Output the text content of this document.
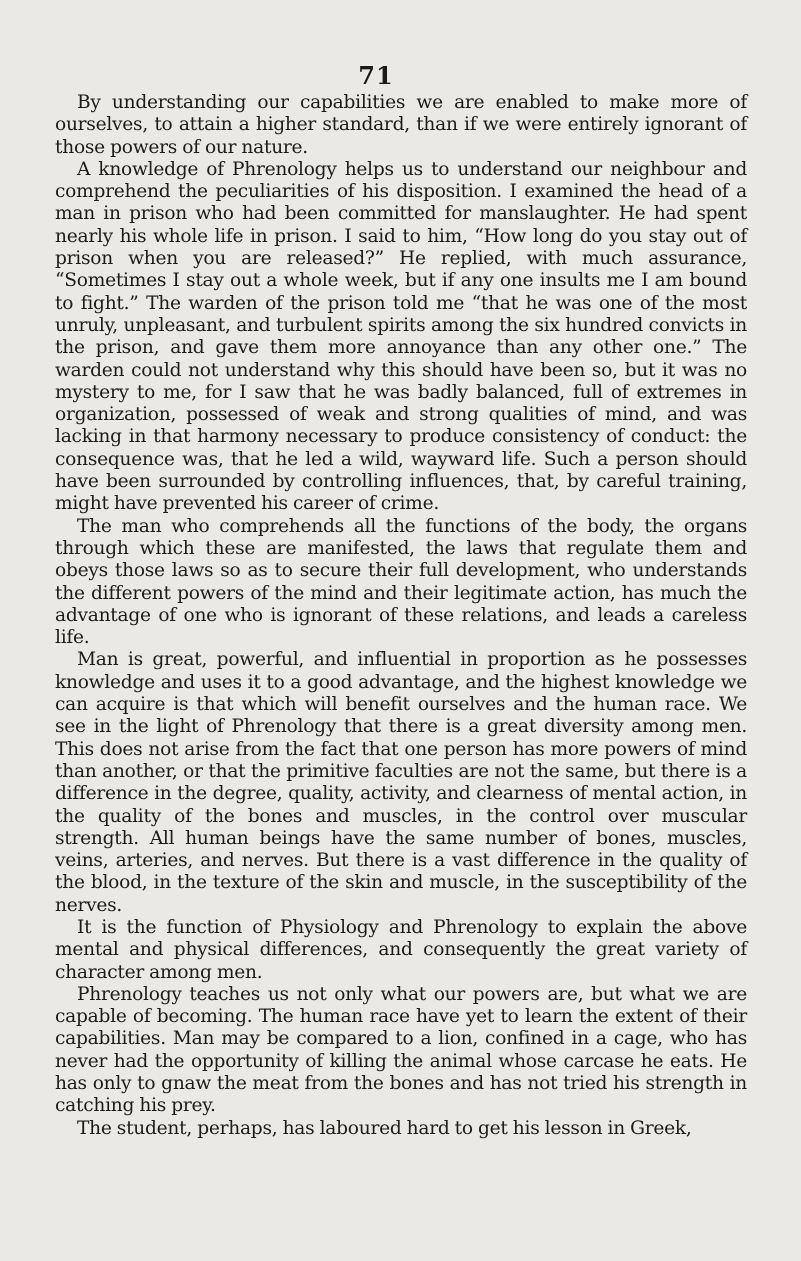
71

By understanding our capabilities we are enabled to make more of ourselves, to attain a higher standard, than if we were entirely ignorant of those powers of our nature.

A knowledge of Phrenology helps us to understand our neighbour and comprehend the peculiarities of his disposition. I examined the head of a man in prison who had been committed for manslaughter. He had spent nearly his whole life in prison. I said to him, “How long do you stay out of prison when you are released?” He replied, with much assurance, “Sometimes I stay out a whole week, but if any one insults me I am bound to fight.” The warden of the prison told me “that he was one of the most unruly, unpleasant, and turbulent spirits among the six hundred convicts in the prison, and gave them more annoyance than any other one.” The warden could not understand why this should have been so, but it was no mystery to me, for I saw that he was badly balanced, full of extremes in organization, possessed of weak and strong qualities of mind, and was lacking in that harmony necessary to produce consistency of conduct: the consequence was, that he led a wild, wayward life. Such a person should have been surrounded by controlling influences, that, by careful training, might have prevented his career of crime.

The man who comprehends all the functions of the body, the organs through which these are manifested, the laws that regulate them and obeys those laws so as to secure their full development, who understands the different powers of the mind and their legitimate action, has much the advantage of one who is ignorant of these relations, and leads a careless life.

Man is great, powerful, and influential in proportion as he possesses knowledge and uses it to a good advantage, and the highest knowledge we can acquire is that which will benefit ourselves and the human race. We see in the light of Phrenology that there is a great diversity among men. This does not arise from the fact that one person has more powers of mind than another, or that the primitive faculties are not the same, but there is a difference in the degree, quality, activity, and clearness of mental action, in the quality of the bones and muscles, in the control over muscular strength. All human beings have the same number of bones, muscles, veins, arteries, and nerves. But there is a vast difference in the quality of the blood, in the texture of the skin and muscle, in the susceptibility of the nerves.

It is the function of Physiology and Phrenology to explain the above mental and physical differences, and consequently the great variety of character among men.

Phrenology teaches us not only what our powers are, but what we are capable of becoming. The human race have yet to learn the extent of their capabilities. Man may be compared to a lion, confined in a cage, who has never had the opportunity of killing the animal whose carcase he eats. He has only to gnaw the meat from the bones and has not tried his strength in catching his prey.

The student, perhaps, has laboured hard to get his lesson in Greek,
